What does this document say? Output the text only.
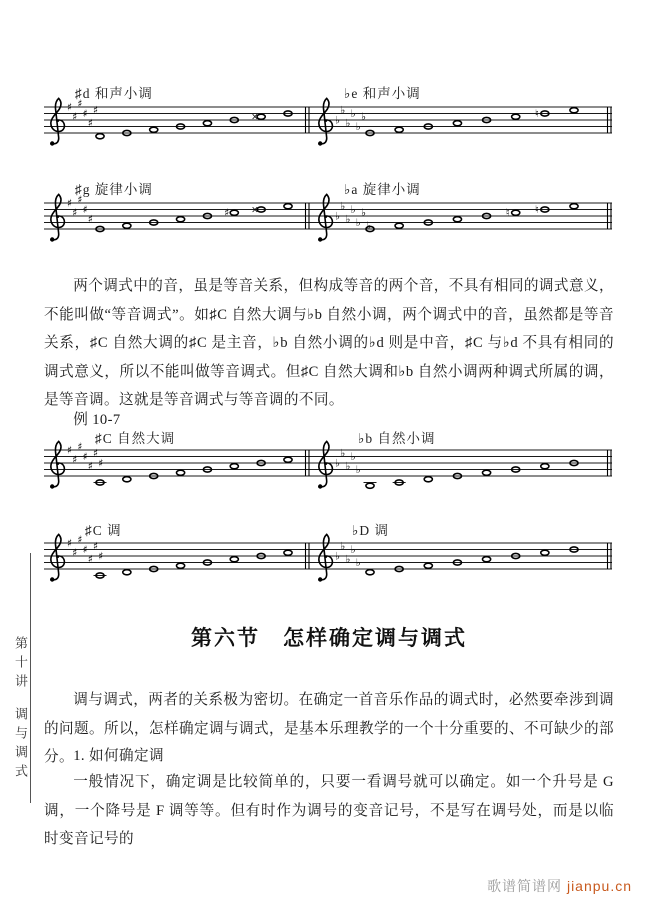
♯d 和声小调	♭e 和声小调
♯
♯
♯
♯
♯
♯
×	♭
♭
♭
♭
♭
♭	♮
♯g 旋律小调	♭a 旋律小调
♯
♯
♯
♯
♯
♯ ×
♭
♭
♭
♭
♭
♭
♭
♮ ♮
两个调式中的音，虽是等音关系，但构成等音的两个音，不具有相同的调式意义，不能叫做“等音调式”。如♯C 自然大调与♭b 自然小调，两个调式中的音，虽然都是等音关系，♯C 自然大调的♯C 是主音，♭b 自然小调的♭d 则是中音，♯C 与♭d 不具有相同的调式意义，所以不能叫做等音调式。但♯C 自然大调和♭b 自然小调两种调式所属的调，是等音调。这就是等音调式与等音调的不同。
例 10-7
♯C 自然大调	♭b 自然小调
♯
♯
♯
♯
♯
♯
♯	♭
♭
♭
♭
♭
♯C 调	♭D 调
♯
♯
♯
♯
♯
♯
♯	♭
♭
♭
♭
♭
第六节　怎样确定调与调式
调与调式，两者的关系极为密切。在确定一首音乐作品的调式时，必然要牵涉到调的问题。所以，怎样确定调与调式，是基本乐理教学的一个十分重要的、不可缺少的部分。 1. 如何确定调
一般情况下，确定调是比较简单的，只要一看调号就可以确定。如一个升号是 G 调，一个降号是 F 调等等。但有时作为调号的变音记号，不是写在调号处，而是以临时变音记号的
第十讲调与调式
歌谱简谱网 jianpu.cn
